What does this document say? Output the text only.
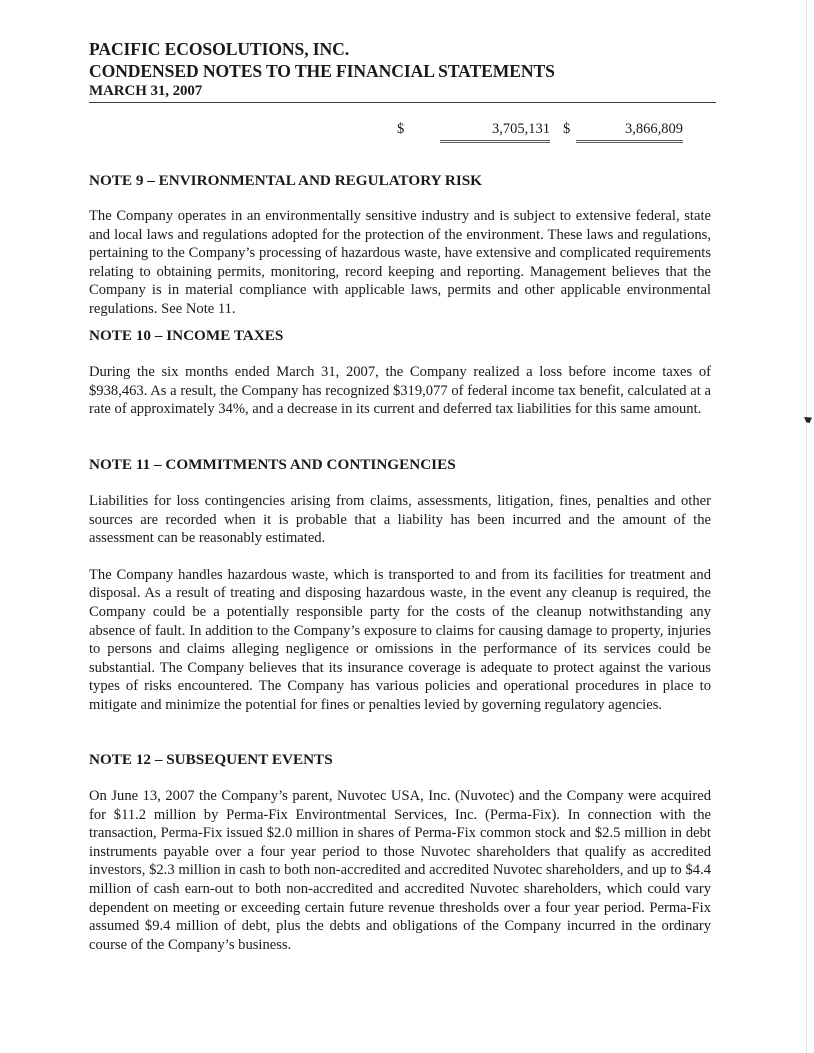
PACIFIC ECOSOLUTIONS, INC.
CONDENSED NOTES TO THE FINANCIAL STATEMENTS
MARCH 31, 2007
$	3,705,131 $	3,866,809
NOTE 9 – ENVIRONMENTAL AND REGULATORY RISK

The Company operates in an environmentally sensitive industry and is subject to extensive federal, state and local laws and regulations adopted for the protection of the environment. These laws and regulations, pertaining to the Company’s processing of hazardous waste, have extensive and complicated requirements relating to obtaining permits, monitoring, record keeping and reporting. Management believes that the Company is in material compliance with applicable laws, permits and other applicable environmental regulations. See Note 11.

NOTE 10 – INCOME TAXES

During the six months ended March 31, 2007, the Company realized a loss before income taxes of $938,463. As a result, the Company has recognized $319,077 of federal income tax benefit, calculated at a rate of approximately 34%, and a decrease in its current and deferred tax liabilities for this same amount.

NOTE 11 – COMMITMENTS AND CONTINGENCIES

Liabilities for loss contingencies arising from claims, assessments, litigation, fines, penalties and other sources are recorded when it is probable that a liability has been incurred and the amount of the assessment can be reasonably estimated.

The Company handles hazardous waste, which is transported to and from its facilities for treatment and disposal. As a result of treating and disposing hazardous waste, in the event any cleanup is required, the Company could be a potentially responsible party for the costs of the cleanup notwithstanding any absence of fault. In addition to the Company’s exposure to claims for causing damage to property, injuries to persons and claims alleging negligence or omissions in the performance of its services could be substantial. The Company believes that its insurance coverage is adequate to protect against the various types of risks encountered. The Company has various policies and operational procedures in place to mitigate and minimize the potential for fines or penalties levied by governing regulatory agencies.

NOTE 12 – SUBSEQUENT EVENTS

On June 13, 2007 the Company’s parent, Nuvotec USA, Inc. (Nuvotec) and the Company were acquired for $11.2 million by Perma-Fix Environtmental Services, Inc. (Perma-Fix). In connection with the transaction, Perma-Fix issued $2.0 million in shares of Perma-Fix common stock and $2.5 million in debt instruments payable over a four year period to those Nuvotec shareholders that qualify as accredited investors, $2.3 million in cash to both non-accredited and accredited Nuvotec shareholders, and up to $4.4 million of cash earn-out to both non-accredited and accredited Nuvotec shareholders, which could vary dependent on meeting or exceeding certain future revenue thresholds over a four year period. Perma-Fix assumed $9.4 million of debt, plus the debts and obligations of the Company incurred in the ordinary course of the Company’s business.
